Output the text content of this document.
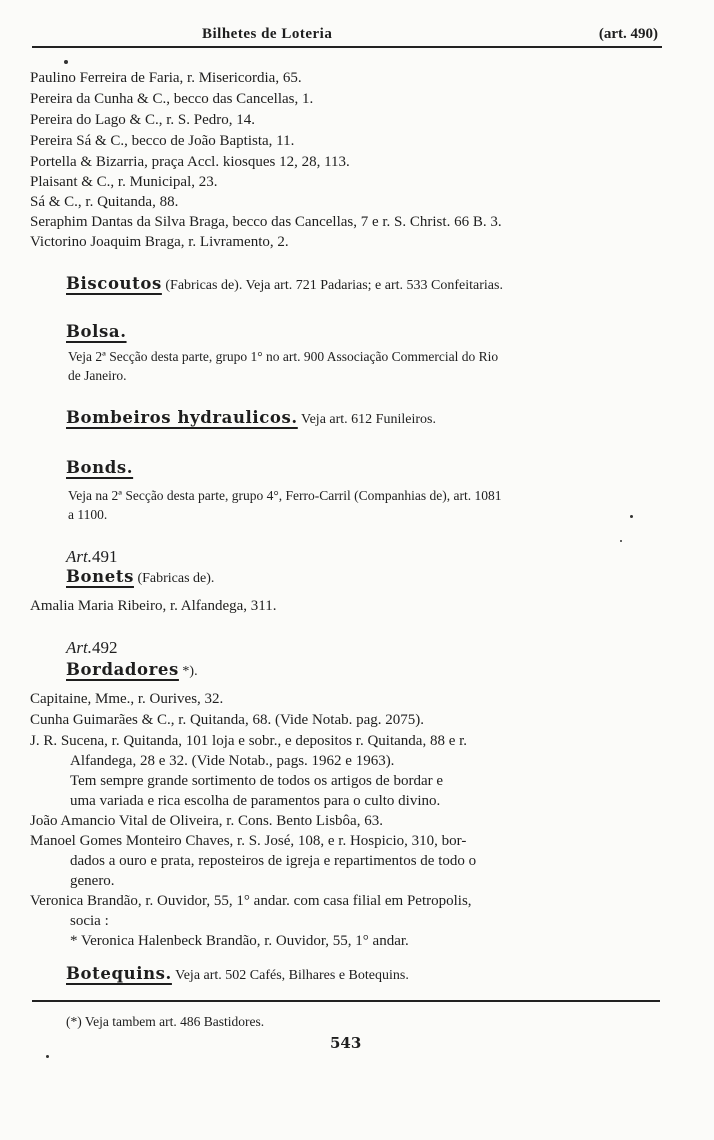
Bilhetes de Loteria	(art. 490)
Paulino Ferreira de Faria, r. Misericordia, 65.
Pereira da Cunha & C., becco das Cancellas, 1.
Pereira do Lago & C., r. S. Pedro, 14.
Pereira Sá & C., becco de João Baptista, 11.
Portella & Bizarria, praça Accl. kiosques 12, 28, 113.
Plaisant & C., r. Municipal, 23.
Sá & C., r. Quitanda, 88.
Seraphim Dantas da Silva Braga, becco das Cancellas, 7 e r. S. Christ. 66 B. 3.
Victorino Joaquim Braga, r. Livramento, 2.
Biscoutos (Fabricas de). Veja art. 721 Padarias; e art. 533 Confeitarias.
Bolsa.
Veja 2ª Secção desta parte, grupo 1° no art. 900 Associação Commercial do Rio
de Janeiro.
Bombeiros hydraulicos. Veja art. 612 Funileiros.
Bonds.
Veja na 2ª Secção desta parte, grupo 4°, Ferro-Carril (Companhias de), art. 1081
a 1100.
Art.491
Bonets (Fabricas de).
Amalia Maria Ribeiro, r. Alfandega, 311.
Art.492
Bordadores *).
Capitaine, Mme., r. Ourives, 32.
Cunha Guimarães & C., r. Quitanda, 68. (Vide Notab. pag. 2075).
J. R. Sucena, r. Quitanda, 101 loja e sobr., e depositos r. Quitanda, 88 e r.
Alfandega, 28 e 32. (Vide Notab., pags. 1962 e 1963).
Tem sempre grande sortimento de todos os artigos de bordar e
uma variada e rica escolha de paramentos para o culto divino.
João Amancio Vital de Oliveira, r. Cons. Bento Lisbôa, 63.
Manoel Gomes Monteiro Chaves, r. S. José, 108, e r. Hospicio, 310, bor-
dados a ouro e prata, reposteiros de igreja e repartimentos de todo o
genero.
Veronica Brandão, r. Ouvidor, 55, 1° andar. com casa filial em Petropolis,
socia :
* Veronica Halenbeck Brandão, r. Ouvidor, 55, 1° andar.
Botequins. Veja art. 502 Cafés, Bilhares e Botequins.
(*) Veja tambem art. 486 Bastidores.
543
